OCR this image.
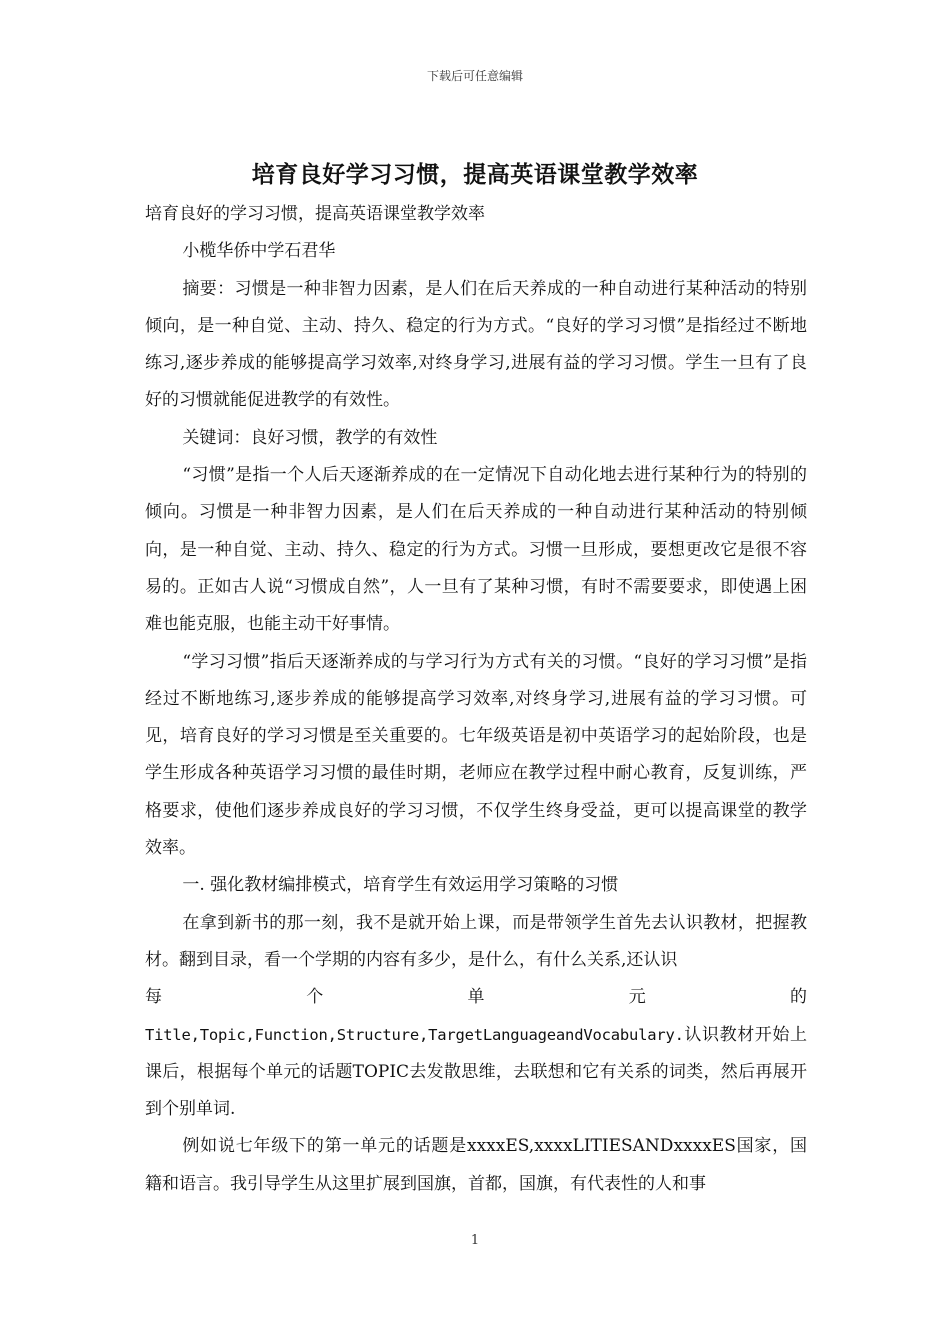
下载后可任意编辑
培育良好学习习惯，提高英语课堂教学效率

培育良好的学习习惯，提高英语课堂教学效率

小榄华侨中学石君华

摘要：习惯是一种非智力因素，是人们在后天养成的一种自动进行某种活动的特别倾向，是一种自觉、主动、持久、稳定的行为方式。“良好的学习习惯”是指经过不断地练习,逐步养成的能够提高学习效率,对终身学习,进展有益的学习习惯。学生一旦有了良好的习惯就能促进教学的有效性。

关键词：良好习惯，教学的有效性

“习惯”是指一个人后天逐渐养成的在一定情况下自动化地去进行某种行为的特别的倾向。习惯是一种非智力因素，是人们在后天养成的一种自动进行某种活动的特别倾向，是一种自觉、主动、持久、稳定的行为方式。习惯一旦形成，要想更改它是很不容易的。正如古人说“习惯成自然”，人一旦有了某种习惯，有时不需要要求，即使遇上困难也能克服，也能主动干好事情。

“学习习惯”指后天逐渐养成的与学习行为方式有关的习惯。“良好的学习习惯”是指经过不断地练习,逐步养成的能够提高学习效率,对终身学习,进展有益的学习习惯。可见，培育良好的学习习惯是至关重要的。七年级英语是初中英语学习的起始阶段，也是学生形成各种英语学习习惯的最佳时期，老师应在教学过程中耐心教育，反复训练，严格要求，使他们逐步养成良好的学习习惯，不仅学生终身受益，更可以提高课堂的教学效率。

一. 强化教材编排模式，培育学生有效运用学习策略的习惯

在拿到新书的那一刻，我不是就开始上课，而是带领学生首先去认识教材，把握教材。翻到目录，看一个学期的内容有多少，是什么，有什么关系,还认识

每	个	单	元	的

Title,Topic,Function,Structure,TargetLanguageandVocabulary.认识教材开始上课后，根据每个单元的话题TOPIC去发散思维，去联想和它有关系的词类，然后再展开到个别单词.

例如说七年级下的第一单元的话题是xxxxES,xxxxLITIESANDxxxxES国家，国籍和语言。我引导学生从这里扩展到国旗，首都，国旗，有代表性的人和事

1
